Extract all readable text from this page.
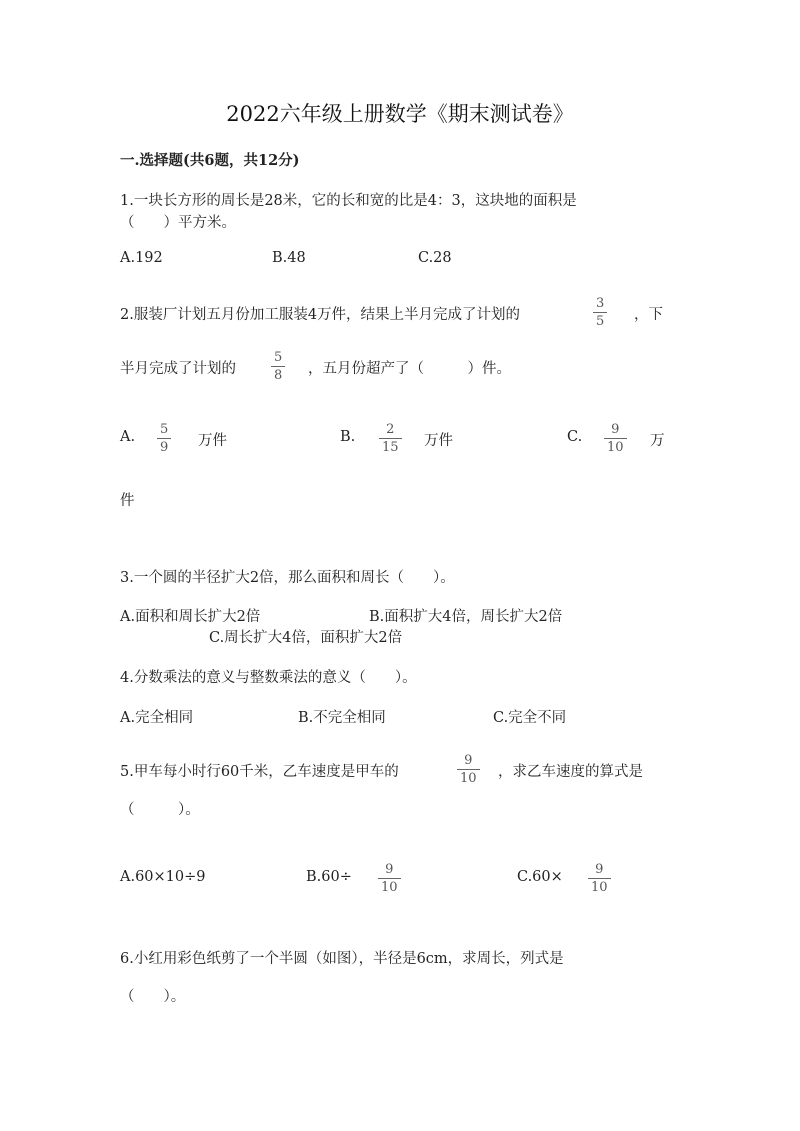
2022六年级上册数学《期末测试卷》
一.选择题(共6题，共12分)
1.一块长方形的周长是28米，它的长和宽的比是4：3，这块地的面积是
（　　）平方米。
A.192	B.48	C.28
2.服装厂计划五月份加工服装4万件，结果上半月完成了计划的
3
5 ，下
半月完成了计划的
5
8 ，五月份超产了（　　　）件。
A. 5
9 万件	B. 2
15 万件	C. 9
10 万
件
3.一个圆的半径扩大2倍，那么面积和周长（　　）。
A.面积和周长扩大2倍	B.面积扩大4倍，周长扩大2倍
C.周长扩大4倍，面积扩大2倍
4.分数乘法的意义与整数乘法的意义（　　）。
A.完全相同	B.不完全相同	C.完全不同
5.甲车每小时行60千米，乙车速度是甲车的
9
10 ，求乙车速度的算式是
（　　　）。
A.60×10÷9	B.60÷	9
10
C.60× 9
10
6.小红用彩色纸剪了一个半圆（如图），半径是6cm，求周长，列式是
（　　）。
